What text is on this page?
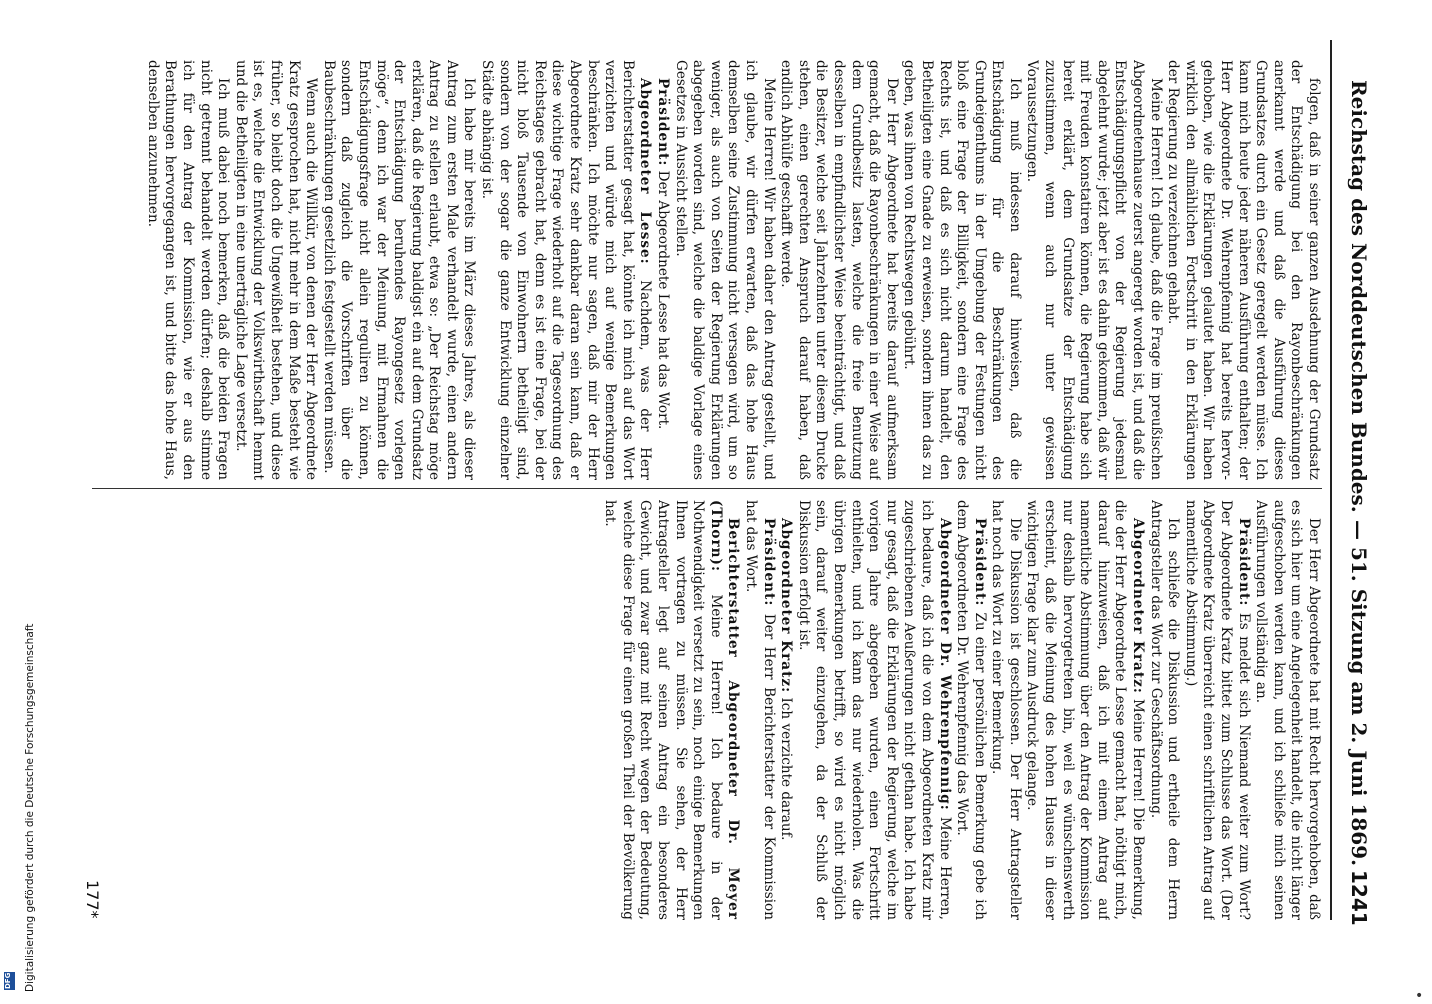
Reichstag des Norddeutschen Bundes.
— 51. Sitzung am 2. Juni 1869.
1241

folgen, daß in seiner ganzen Ausdehnung der Grundsatz der Entschädigung bei den Rayonbeschränkungen anerkannt werde und daß die Ausführung dieses Grundsatzes durch ein Gesetz geregelt werden müsse. Ich kann mich heute jeder näheren Ausführung enthalten; der Herr Abgeordnete Dr. Wehrenpfennig hat bereits hervorgehoben, wie die Erklärungen gelautet haben. Wir haben wirklich den allmählichen Fortschritt in den Erklärungen der Regierung zu verzeichnen gehabt.

Meine Herren! Ich glaube, daß die Frage im preußischen Abgeordnetenhause zuerst angeregt worden ist, und daß die Entschädigungspflicht von der Regierung jedesmal abgelehnt wurde; jetzt aber ist es dahin gekommen, daß wir mit Freuden konstatiren können, die Regierung habe sich bereit erklärt, dem Grundsatze der Entschädigung zuzustimmen, wenn auch nur unter gewissen Voraussetzungen.

Ich muß indessen darauf hinweisen, daß die Entschädigung für die Beschränkungen des Grundeigenthums in der Umgebung der Festungen nicht bloß eine Frage der Billigkeit, sondern eine Frage des Rechts ist, und daß es sich nicht darum handelt, den Betheiligten eine Gnade zu erweisen, sondern ihnen das zu geben, was ihnen von Rechtswegen gebührt.

Der Herr Abgeordnete hat bereits darauf aufmerksam gemacht, daß die Rayonbeschränkungen in einer Weise auf dem Grundbesitz lasten, welche die freie Benutzung desselben in empfindlichster Weise beeinträchtigt, und daß die Besitzer, welche seit Jahrzehnten unter diesem Drucke stehen, einen gerechten Anspruch darauf haben, daß endlich Abhülfe geschafft werde.

Meine Herren! Wir haben daher den Antrag gestellt, und ich glaube, wir dürfen erwarten, daß das hohe Haus demselben seine Zustimmung nicht versagen wird, um so weniger, als auch von Seiten der Regierung Erklärungen abgegeben worden sind, welche die baldige Vorlage eines Gesetzes in Aussicht stellen.

Präsident: Der Abgeordnete Lesse hat das Wort.

Abgeordneter Lesse: Nachdem, was der Herr Berichterstatter gesagt hat, könnte ich mich auf das Wort verzichten und würde mich auf wenige Bemerkungen beschränken. Ich möchte nur sagen, daß mir der Herr Abgeordnete Kratz sehr dankbar daran sein kann, daß er diese wichtige Frage wiederholt auf die Tagesordnung des Reichstages gebracht hat, denn es ist eine Frage, bei der nicht bloß Tausende von Einwohnern betheiligt sind, sondern von der sogar die ganze Entwicklung einzelner Städte abhängig ist.

Ich habe mir bereits im März dieses Jahres, als dieser Antrag zum ersten Male verhandelt wurde, einen andern Antrag zu stellen erlaubt, etwa so: „Der Reichstag möge erklären, daß die Regierung baldigst ein auf dem Grundsatz der Entschädigung beruhendes Rayongesetz vorlegen möge“, denn ich war der Meinung, mit Ermahnen die Entschädigungsfrage nicht allein reguliren zu können, sondern daß zugleich die Vorschriften über die Baubeschränkungen gesetzlich festgestellt werden müssen.

Wenn auch die Willkür, von denen der Herr Abgeordnete Kratz gesprochen hat, nicht mehr in dem Maße besteht wie früher, so bleibt doch die Ungewißheit bestehen, und diese ist es, welche die Entwicklung der Volkswirthschaft hemmt und die Betheiligten in eine unerträgliche Lage versetzt.

Ich muß dabei noch bemerken, daß die beiden Fragen nicht getrennt behandelt werden dürfen; deshalb stimme ich für den Antrag der Kommission, wie er aus den Berathungen hervorgegangen ist, und bitte das hohe Haus, denselben anzunehmen.

Der Herr Abgeordnete hat mit Recht hervorgehoben, daß es sich hier um eine Angelegenheit handelt, die nicht länger aufgeschoben werden kann, und ich schließe mich seinen Ausführungen vollständig an.

Präsident: Es meldet sich Niemand weiter zum Wort? Der Abgeordnete Kratz bittet zum Schlusse das Wort. (Der Abgeordnete Kratz überreicht einen schriftlichen Antrag auf namentliche Abstimmung.)

Ich schließe die Diskussion und ertheile dem Herrn Antragsteller das Wort zur Geschäftsordnung.

Abgeordneter Kratz: Meine Herren! Die Bemerkung, die der Herr Abgeordnete Lesse gemacht hat, nöthigt mich, darauf hinzuweisen, daß ich mit einem Antrag auf namentliche Abstimmung über den Antrag der Kommission nur deshalb hervorgetreten bin, weil es wünschenswerth erscheint, daß die Meinung des hohen Hauses in dieser wichtigen Frage klar zum Ausdruck gelange.

Die Diskussion ist geschlossen. Der Herr Antragsteller hat noch das Wort zu einer Bemerkung.

Präsident: Zu einer persönlichen Bemerkung gebe ich dem Abgeordneten Dr. Wehrenpfennig das Wort.

Abgeordneter Dr. Wehrenpfennig: Meine Herren, ich bedaure, daß ich die von dem Abgeordneten Kratz mir zugeschriebenen Aeußerungen nicht gethan habe. Ich habe nur gesagt, daß die Erklärungen der Regierung, welche im vorigen Jahre abgegeben wurden, einen Fortschritt enthielten, und ich kann das nur wiederholen. Was die übrigen Bemerkungen betrifft, so wird es nicht möglich sein, darauf weiter einzugehen, da der Schluß der Diskussion erfolgt ist.

Abgeordneter Kratz: Ich verzichte darauf.

Präsident: Der Herr Berichterstatter der Kommission hat das Wort.

Berichterstatter Abgeordneter Dr. Meyer (Thorn): Meine Herren! Ich bedaure in der Nothwendigkeit versetzt zu sein, noch einige Bemerkungen Ihnen vortragen zu müssen. Sie sehen, der Herr Antragsteller legt auf seinen Antrag ein besonderes Gewicht, und zwar ganz mit Recht wegen der Bedeutung, welche diese Frage für einen großen Theil der Bevölkerung hat.

177*
Digitalisierung gefördert durch die Deutsche Forschungsgemeinschaft
DFG
•
